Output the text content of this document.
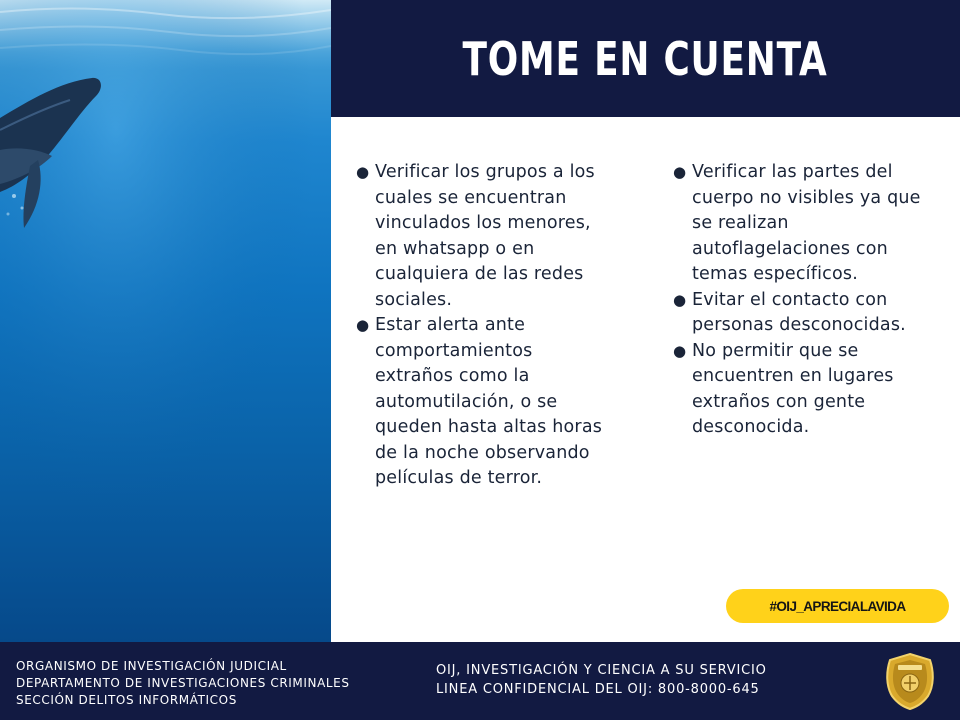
TOME EN CUENTA
● Verificar los grupos a los cuales se encuentran vinculados los menores, en whatsapp o en cualquiera de las redes sociales.
● Estar alerta ante comportamientos extraños como la automutilación, o se queden hasta altas horas de la noche observando películas de terror.
● Verificar las partes del cuerpo no visibles ya que se realizan autoflagelaciones con temas específicos.
● Evitar el contacto con personas desconocidas.
● No permitir que se encuentren en lugares extraños con gente desconocida.
#OIJ_APRECIALAVIDA
ORGANISMO DE INVESTIGACIÓN JUDICIAL
DEPARTAMENTO DE INVESTIGACIONES CRIMINALES
SECCIÓN DELITOS INFORMÁTICOS
OIJ, INVESTIGACIÓN Y CIENCIA A SU SERVICIO
LINEA CONFIDENCIAL DEL OIJ: 800-8000-645
